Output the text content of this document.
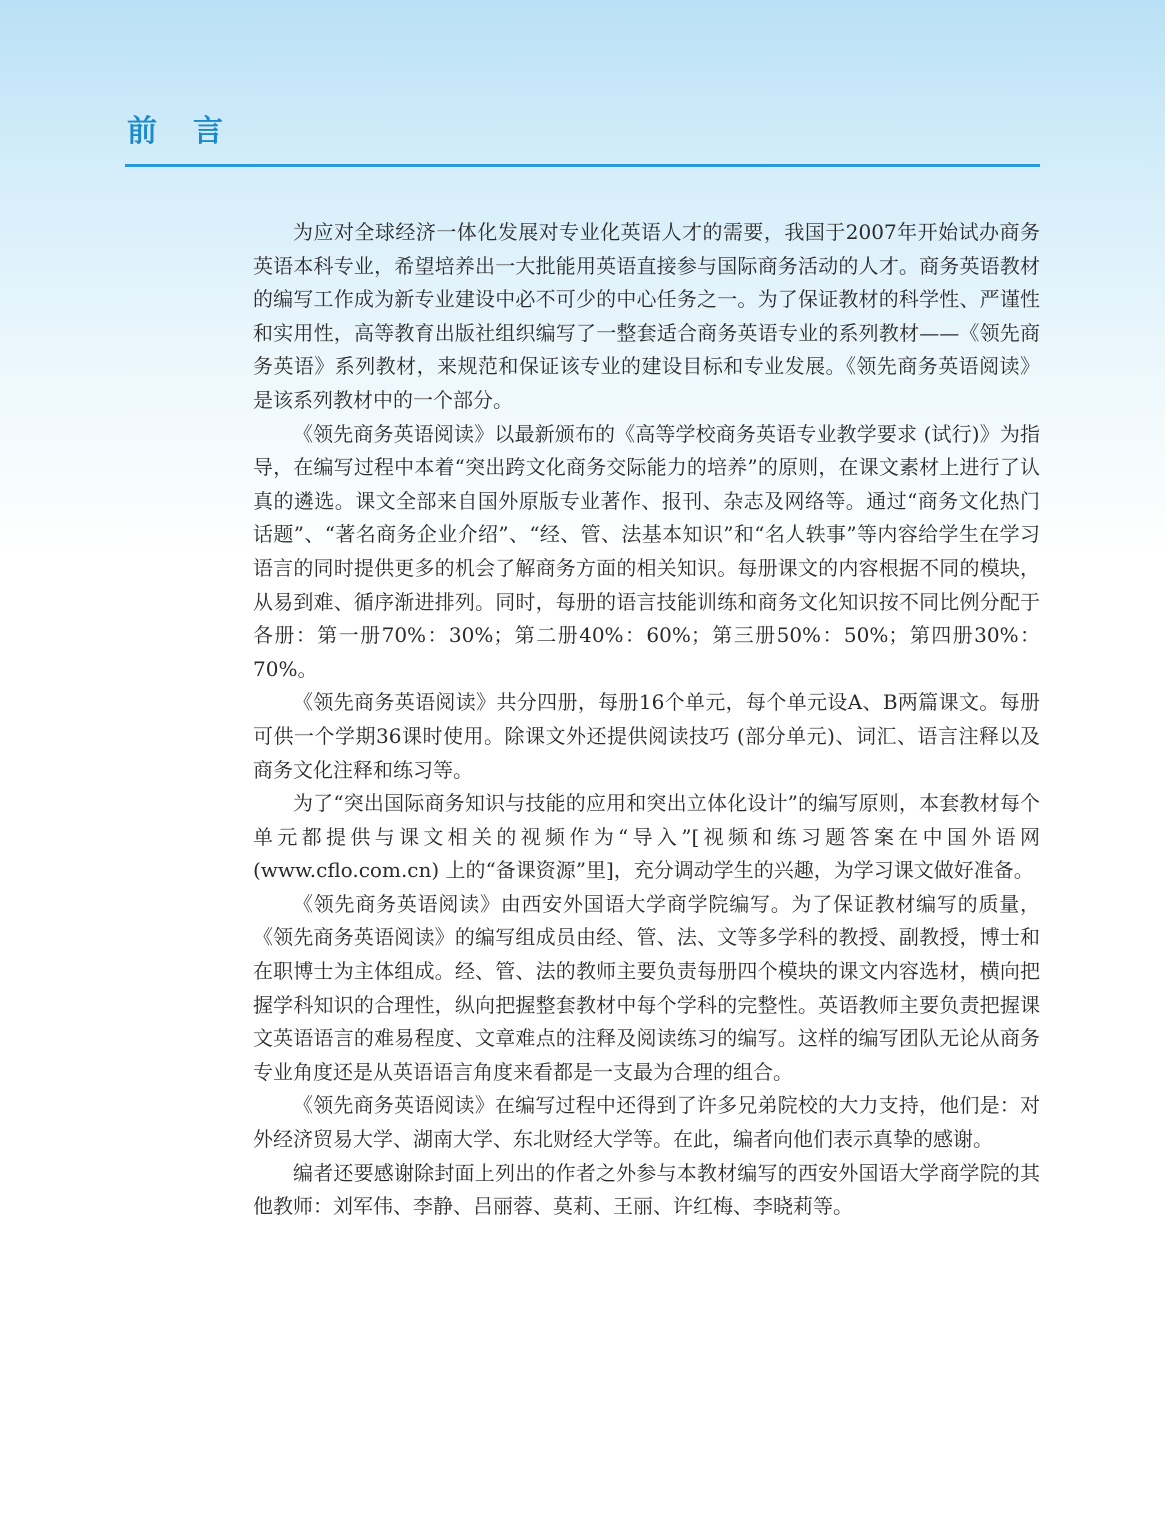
前言

为应对全球经济一体化发展对专业化英语人才的需要，我国于2007年开始试办商务英语本科专业，希望培养出一大批能用英语直接参与国际商务活动的人才。商务英语教材的编写工作成为新专业建设中必不可少的中心任务之一。为了保证教材的科学性、严谨性和实用性，高等教育出版社组织编写了一整套适合商务英语专业的系列教材——《领先商务英语》系列教材，来规范和保证该专业的建设目标和专业发展。《领先商务英语阅读》是该系列教材中的一个部分。

《领先商务英语阅读》以最新颁布的《高等学校商务英语专业教学要求 (试行)》为指导，在编写过程中本着“突出跨文化商务交际能力的培养”的原则，在课文素材上进行了认真的遴选。课文全部来自国外原版专业著作、报刊、杂志及网络等。通过“商务文化热门话题”、“著名商务企业介绍”、“经、管、法基本知识”和“名人轶事”等内容给学生在学习语言的同时提供更多的机会了解商务方面的相关知识。每册课文的内容根据不同的模块，从易到难、循序渐进排列。同时，每册的语言技能训练和商务文化知识按不同比例分配于各册：第一册70%：30%；第二册40%：60%；第三册50%：50%；第四册30%：70%。

《领先商务英语阅读》共分四册，每册16个单元，每个单元设A、B两篇课文。每册可供一个学期36课时使用。除课文外还提供阅读技巧 (部分单元)、词汇、语言注释以及商务文化注释和练习等。

为了“突出国际商务知识与技能的应用和突出立体化设计”的编写原则，本套教材每个单元都提供与课文相关的视频作为“导入”[视频和练习题答案在中国外语网 (www.cflo.com.cn) 上的“备课资源”里]，充分调动学生的兴趣，为学习课文做好准备。

《领先商务英语阅读》由西安外国语大学商学院编写。为了保证教材编写的质量，《领先商务英语阅读》的编写组成员由经、管、法、文等多学科的教授、副教授，博士和在职博士为主体组成。经、管、法的教师主要负责每册四个模块的课文内容选材，横向把握学科知识的合理性，纵向把握整套教材中每个学科的完整性。英语教师主要负责把握课文英语语言的难易程度、文章难点的注释及阅读练习的编写。这样的编写团队无论从商务专业角度还是从英语语言角度来看都是一支最为合理的组合。

《领先商务英语阅读》在编写过程中还得到了许多兄弟院校的大力支持，他们是：对外经济贸易大学、湖南大学、东北财经大学等。在此，编者向他们表示真挚的感谢。

编者还要感谢除封面上列出的作者之外参与本教材编写的西安外国语大学商学院的其他教师：刘军伟、李静、吕丽蓉、莫莉、王丽、许红梅、李晓莉等。
